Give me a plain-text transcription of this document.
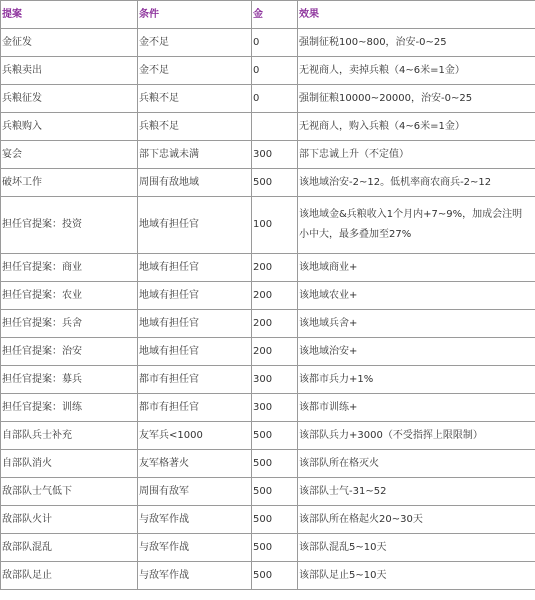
提案	条件	金	效果
金征发	金不足	0	强制征税100~800，治安-0~25
兵粮卖出	金不足	0	无视商人，卖掉兵粮（4~6米=1金）
兵粮征发	兵粮不足	0	强制征粮10000~20000，治安-0~25
兵粮购入	兵粮不足		无视商人，购入兵粮（4~6米=1金）
宴会	部下忠诚未满	300	部下忠诚上升（不定值）
破坏工作	周围有敌地域	500	该地域治安-2~12。低机率商农商兵-2~12
担任官提案：投资	地域有担任官	100	该地域金&兵粮收入1个月内+7~9%，加成会注明小中大，最多叠加至27%
担任官提案：商业	地域有担任官	200	该地域商业+
担任官提案：农业	地域有担任官	200	该地域农业+
担任官提案：兵舍	地域有担任官	200	该地域兵舍+
担任官提案：治安	地域有担任官	200	该地域治安+
担任官提案：募兵	都市有担任官	300	该都市兵力+1%
担任官提案：训练	都市有担任官	300	该都市训练+
自部队兵士补充	友军兵<1000	500	该部队兵力+3000（不受指挥上限限制）
自部队消火	友军格著火	500	该部队所在格灭火
敌部队士气低下	周围有敌军	500	该部队士气-31~52
敌部队火计	与敌军作战	500	该部队所在格起火20~30天
敌部队混乱	与敌军作战	500	该部队混乱5~10天
敌部队足止	与敌军作战	500	该部队足止5~10天
